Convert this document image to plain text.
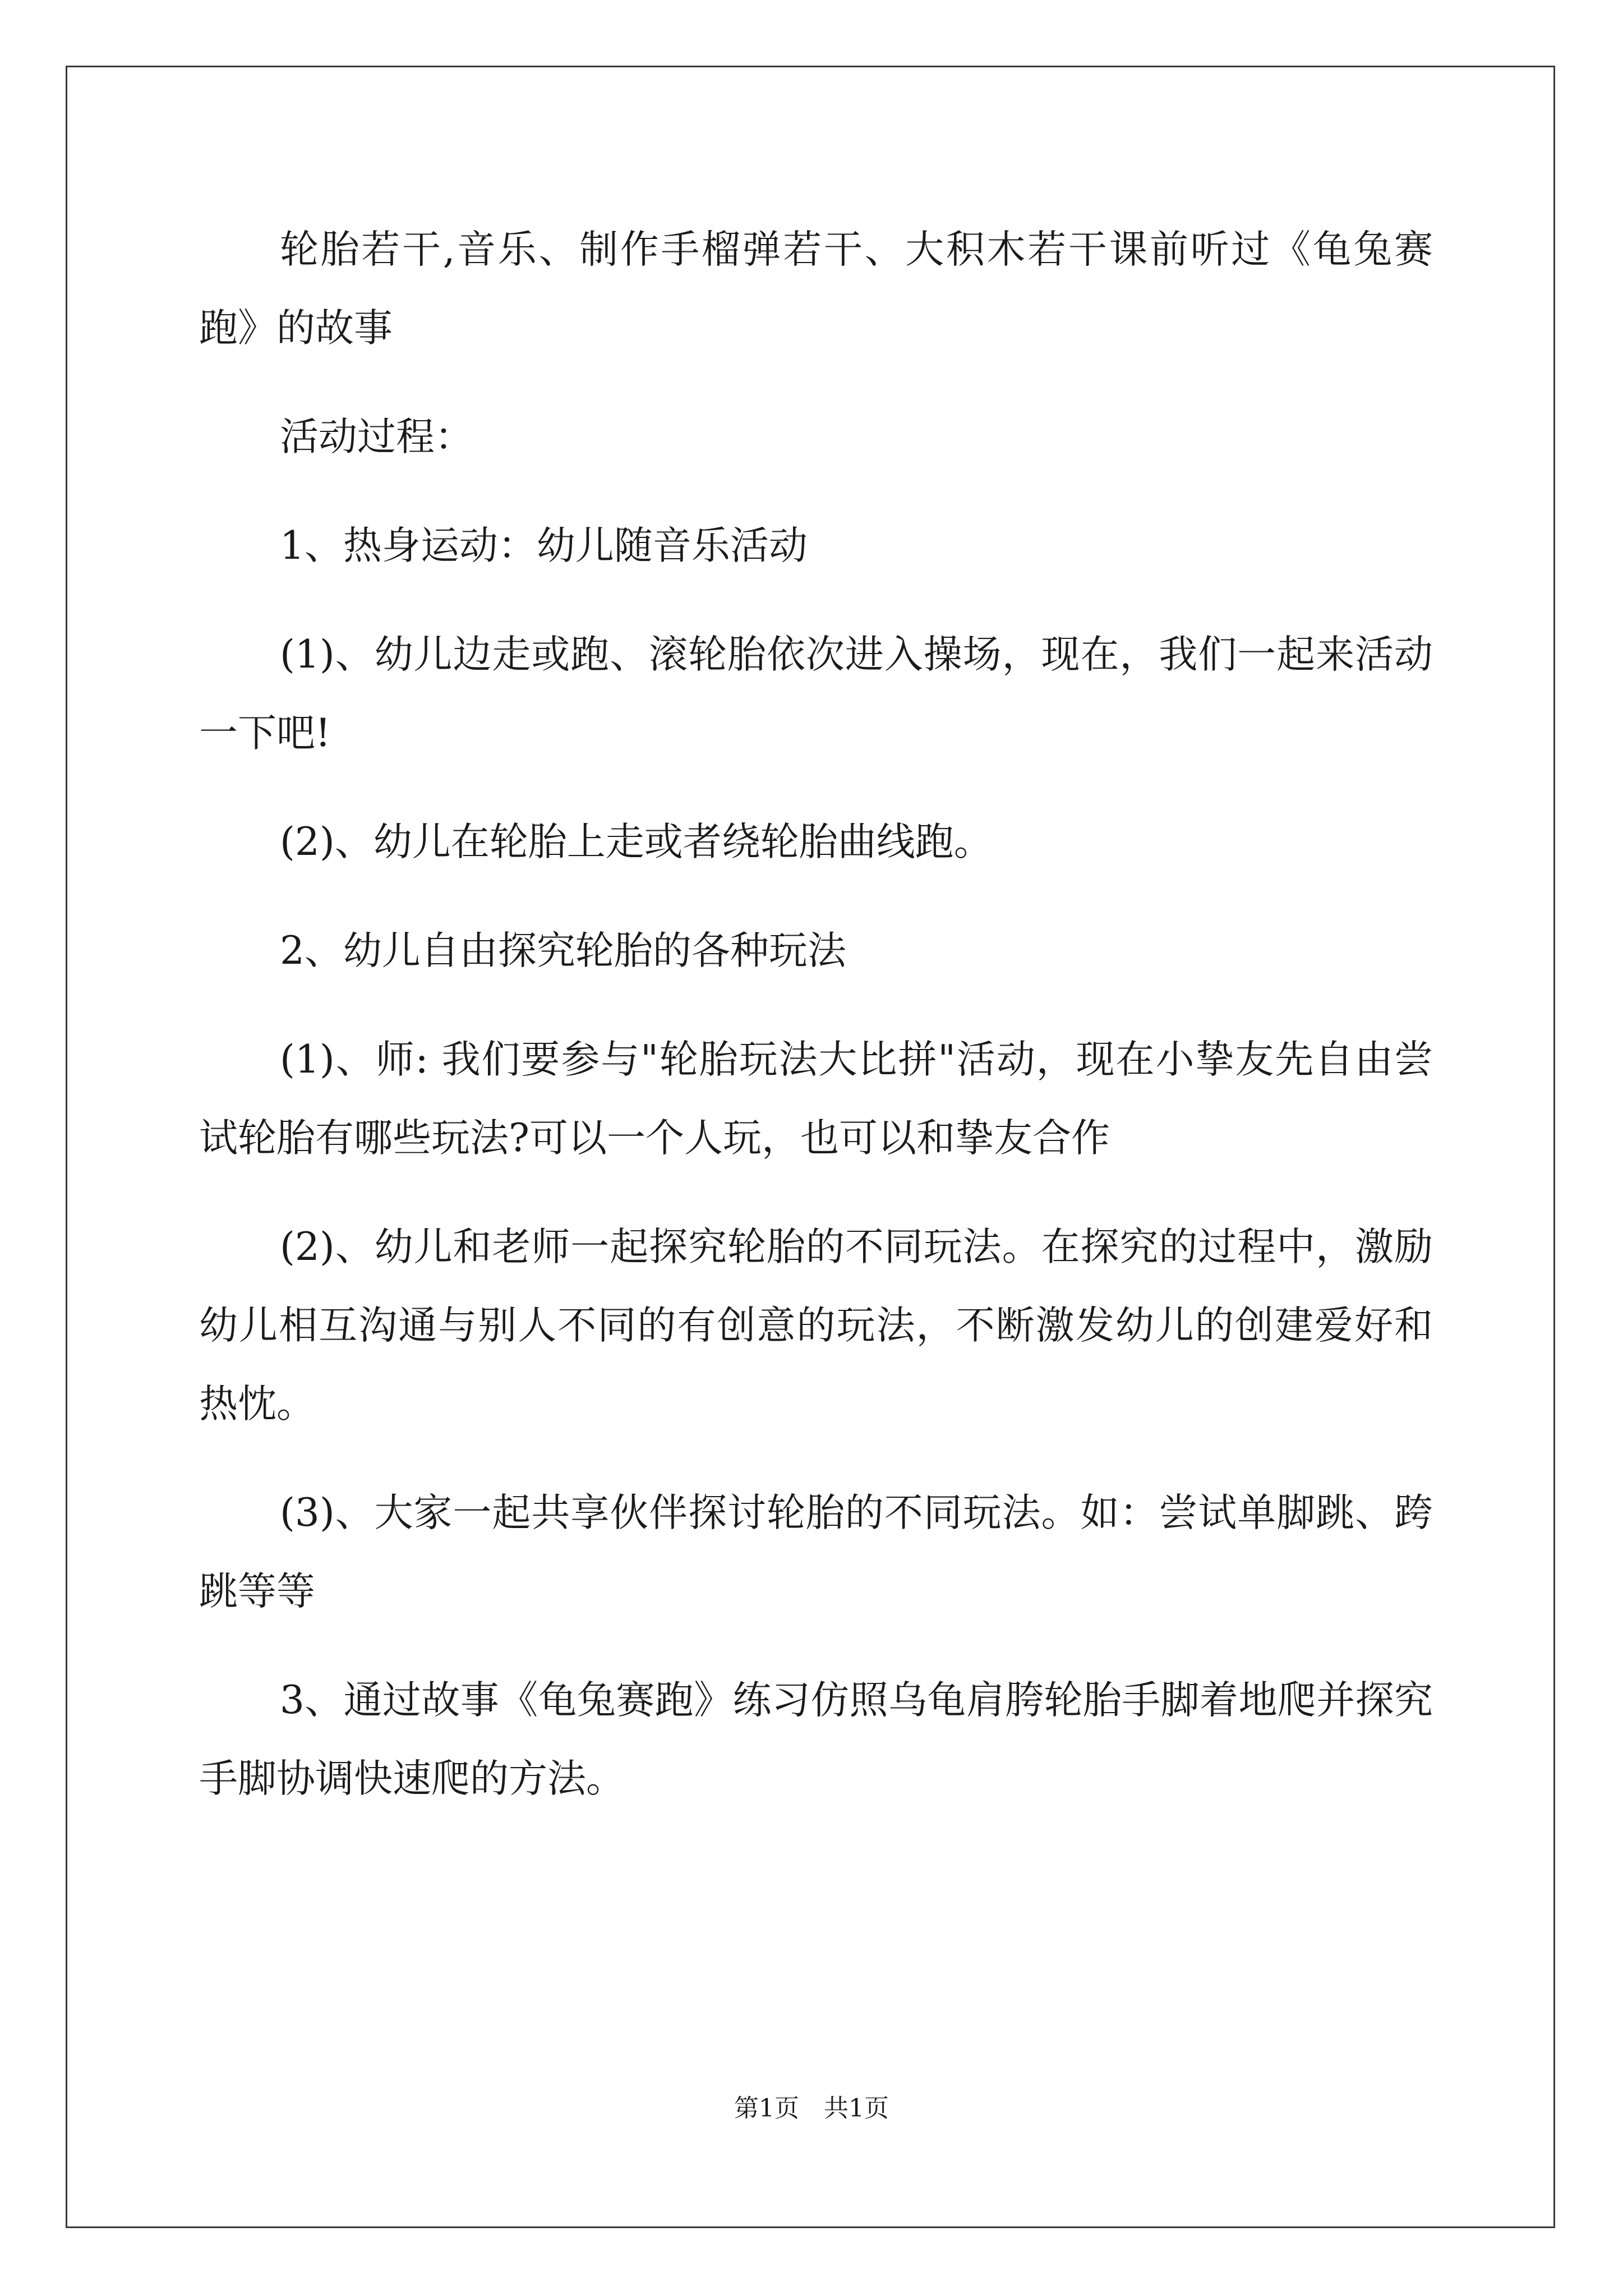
轮胎若干,音乐、制作手榴弹若干、大积木若干课前听过《龟兔赛跑》的故事

活动过程：

1、热身运动：幼儿随音乐活动

(1)、幼儿边走或跑、滚轮胎依次进入操场，现在，我们一起来活动一下吧!

(2)、幼儿在轮胎上走或者绕轮胎曲线跑。

2、幼儿自由探究轮胎的各种玩法

(1)、师: 我们要参与"轮胎玩法大比拼"活动，现在小挚友先自由尝试轮胎有哪些玩法?可以一个人玩，也可以和挚友合作

(2)、幼儿和老师一起探究轮胎的不同玩法。在探究的过程中，激励幼儿相互沟通与别人不同的有创意的玩法，不断激发幼儿的创建爱好和热忱。

(3)、大家一起共享伙伴探讨轮胎的不同玩法。如：尝试单脚跳、跨跳等等

3、通过故事《龟兔赛跑》练习仿照乌龟肩胯轮胎手脚着地爬并探究手脚协调快速爬的方法。

第1页　共1页
